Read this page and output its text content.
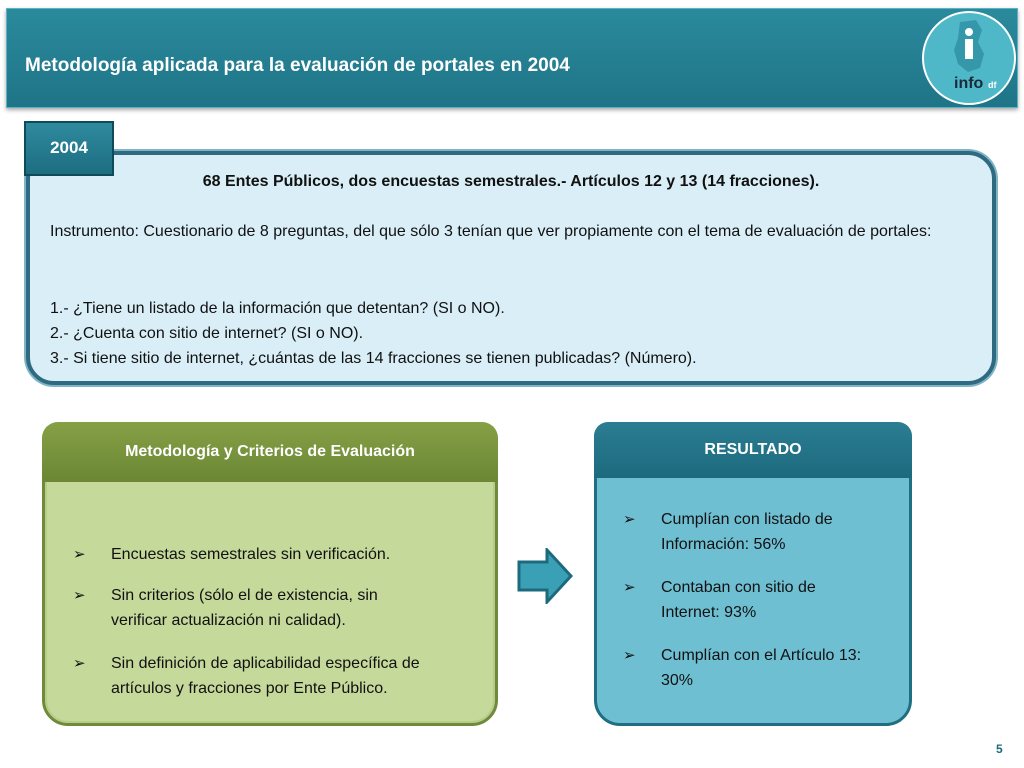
Metodología aplicada para la evaluación de portales en 2004
info df
2004
68 Entes Públicos, dos encuestas semestrales.- Artículos 12 y 13 (14 fracciones).
Instrumento: Cuestionario de 8 preguntas, del que sólo 3 tenían que ver propiamente con el tema de evaluación de portales:
1.- ¿Tiene un listado de la información que detentan? (SI o NO).
2.- ¿Cuenta con sitio de internet? (SI o NO).
3.- Si tiene sitio de internet, ¿cuántas de las 14 fracciones se tienen publicadas? (Número).
Metodología y Criterios de Evaluación
➢	Encuestas semestrales sin verificación.
➢	Sin criterios (sólo el de existencia, sin verificar actualización ni calidad).
➢	Sin definición de aplicabilidad específica de artículos y fracciones por Ente Público.
RESULTADO
➢	Cumplían con listado de Información: 56%
➢	Contaban con sitio de Internet: 93%
➢	Cumplían con el Artículo 13: 30%
5
